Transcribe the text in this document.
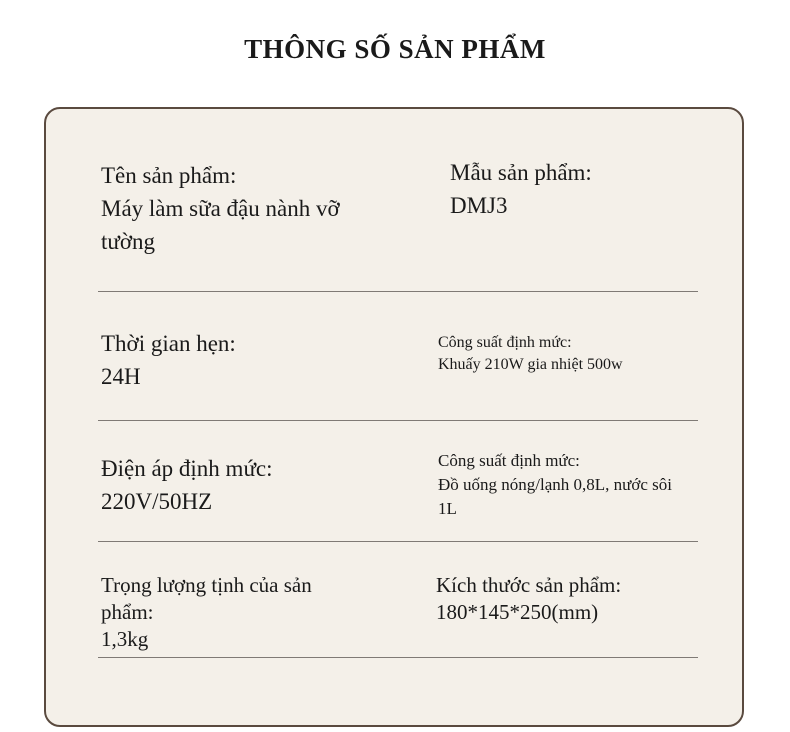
THÔNG SỐ SẢN PHẨM
Tên sản phẩm:
Máy làm sữa đậu nành vỡ tường
Mẫu sản phẩm:
DMJ3
Thời gian hẹn:
24H
Công suất định mức:
Khuấy 210W gia nhiệt 500w
Điện áp định mức:
220V/50HZ
Công suất định mức:
Đồ uống nóng/lạnh 0,8L, nước sôi 1L
Trọng lượng tịnh của sản phẩm:
1,3kg
Kích thước sản phẩm:
180*145*250(mm)
